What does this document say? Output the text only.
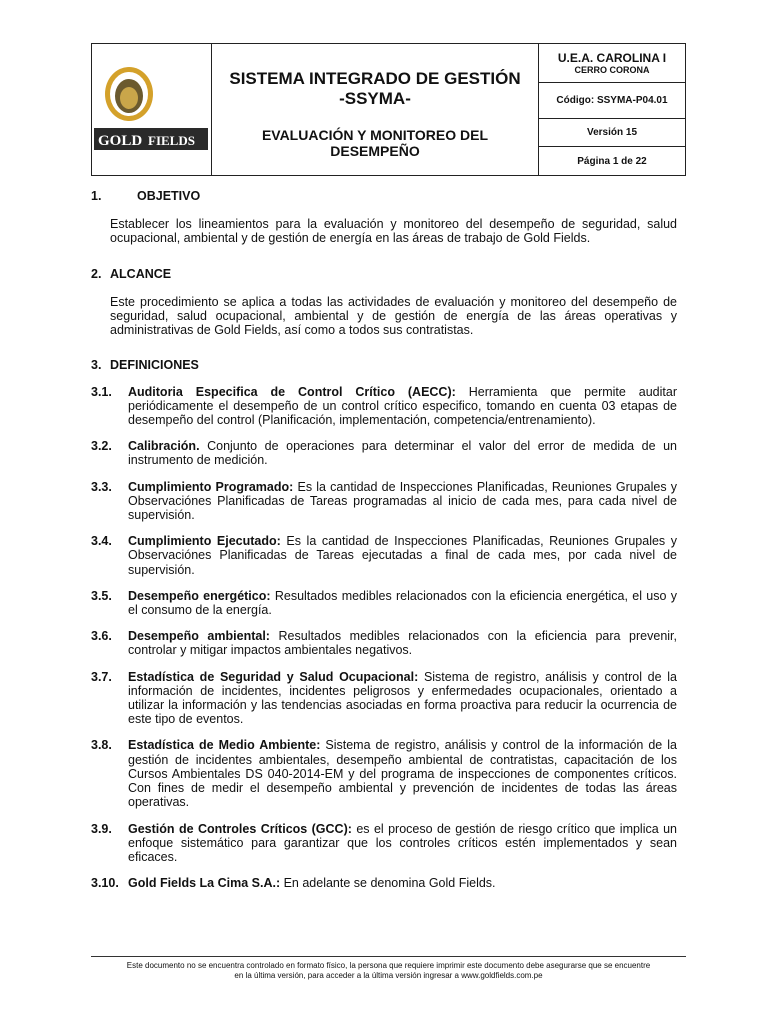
GOLD FIELDS
SISTEMA INTEGRADO DE GESTIÓN
-SSYMA-
EVALUACIÓN Y MONITOREO DEL
DESEMPEÑO
U.E.A. CAROLINA I
CERRO CORONA
Código: SSYMA-P04.01
Versión 15
Página 1 de 22
1.	OBJETIVO
Establecer los lineamientos para la evaluación y monitoreo del desempeño de seguridad, salud ocupacional, ambiental y de gestión de energía en las áreas de trabajo de Gold Fields.
2. ALCANCE
Este procedimiento se aplica a todas las actividades de evaluación y monitoreo del desempeño de seguridad, salud ocupacional, ambiental y de gestión de energía de las áreas operativas y administrativas de Gold Fields, así como a todos sus contratistas.
3. DEFINICIONES
3.1.	Auditoria Especifica de Control Crítico (AECC): Herramienta que permite auditar periódicamente el desempeño de un control crítico especifico, tomando en cuenta 03 etapas de desempeño del control (Planificación, implementación, competencia/entrenamiento).
3.2.	Calibración. Conjunto de operaciones para determinar el valor del error de medida de un instrumento de medición.
3.3.	Cumplimiento Programado: Es la cantidad de Inspecciones Planificadas, Reuniones Grupales y Observaciónes Planificadas de Tareas programadas al inicio de cada mes, para cada nivel de supervisión.
3.4.	Cumplimiento Ejecutado: Es la cantidad de Inspecciones Planificadas, Reuniones Grupales y Observaciónes Planificadas de Tareas ejecutadas a final de cada mes, por cada nivel de supervisión.
3.5.	Desempeño energético: Resultados medibles relacionados con la eficiencia energética, el uso y el consumo de la energía.
3.6.	Desempeño ambiental: Resultados medibles relacionados con la eficiencia para prevenir, controlar y mitigar impactos ambientales negativos.
3.7.	Estadística de Seguridad y Salud Ocupacional: Sistema de registro, análisis y control de la información de incidentes, incidentes peligrosos y enfermedades ocupacionales, orientado a utilizar la información y las tendencias asociadas en forma proactiva para reducir la ocurrencia de este tipo de eventos.
3.8.	Estadística de Medio Ambiente: Sistema de registro, análisis y control de la información de la gestión de incidentes ambientales, desempeño ambiental de contratistas, capacitación de los Cursos Ambientales DS 040-2014-EM y del programa de inspecciones de componentes críticos. Con fines de medir el desempeño ambiental y prevención de incidentes de todas las áreas operativas.
3.9.	Gestión de Controles Críticos (GCC): es el proceso de gestión de riesgo crítico que implica un enfoque sistemático para garantizar que los controles críticos estén implementados y sean eficaces.
3.10. Gold Fields La Cima S.A.: En adelante se denomina Gold Fields.
Este documento no se encuentra controlado en formato físico, la persona que requiere imprimir este documento debe asegurarse que se encuentre
en la última versión, para acceder a la última versión ingresar a www.goldfields.com.pe
